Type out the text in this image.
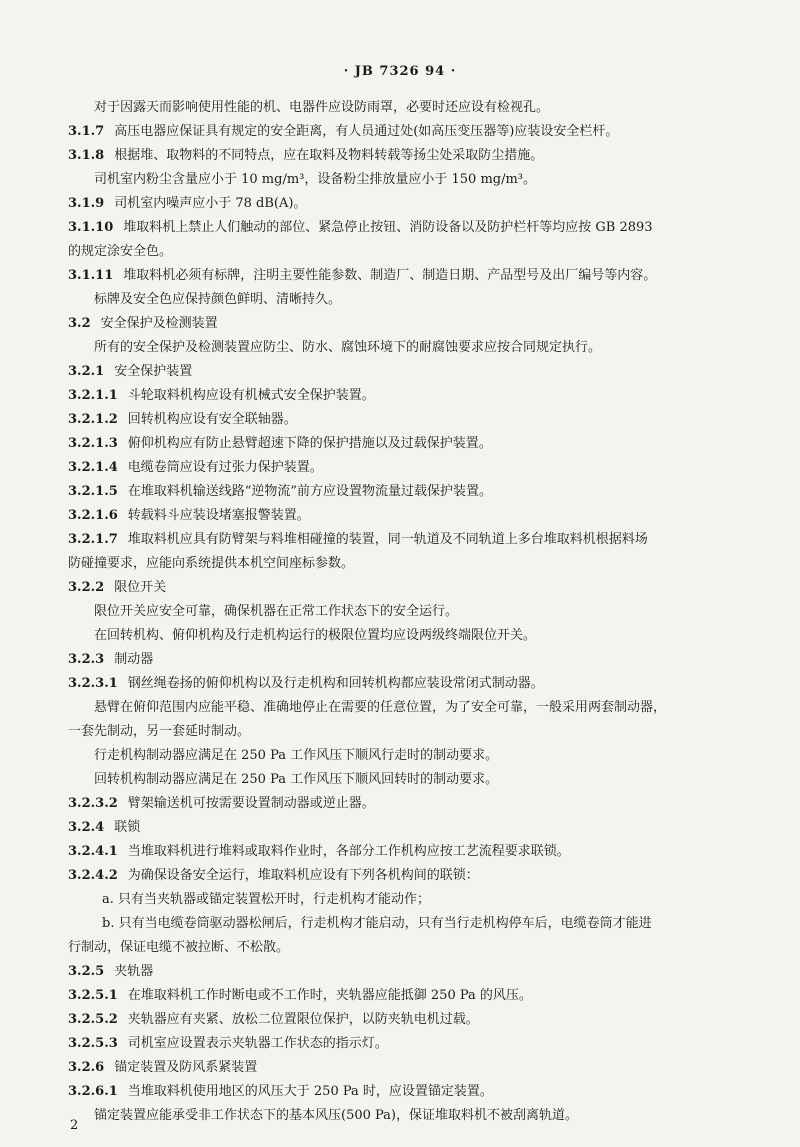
· JB 7326 94 ·
对于因露天而影响使用性能的机、电器件应设防雨罩，必要时还应设有检视孔。
3.1.7 高压电器应保证具有规定的安全距离，有人员通过处(如高压变压器等)应装设安全栏杆。
3.1.8 根据堆、取物料的不同特点，应在取料及物料转载等扬尘处采取防尘措施。
司机室内粉尘含量应小于 10 mg/m³，设备粉尘排放量应小于 150 mg/m³。
3.1.9 司机室内噪声应小于 78 dB(A)。
3.1.10 堆取料机上禁止人们触动的部位、紧急停止按钮、消防设备以及防护栏杆等均应按 GB 2893
的规定涂安全色。
3.1.11 堆取料机必须有标牌，注明主要性能参数、制造厂、制造日期、产品型号及出厂编号等内容。
标牌及安全色应保持颜色鲜明、清晰持久。
3.2 安全保护及检测装置
所有的安全保护及检测装置应防尘、防水、腐蚀环境下的耐腐蚀要求应按合同规定执行。
3.2.1 安全保护装置
3.2.1.1 斗轮取料机构应设有机械式安全保护装置。
3.2.1.2 回转机构应设有安全联轴器。
3.2.1.3 俯仰机构应有防止悬臂超速下降的保护措施以及过载保护装置。
3.2.1.4 电缆卷筒应设有过张力保护装置。
3.2.1.5 在堆取料机输送线路“逆物流”前方应设置物流量过载保护装置。
3.2.1.6 转载料斗应装设堵塞报警装置。
3.2.1.7 堆取料机应具有防臂架与料堆相碰撞的装置，同一轨道及不同轨道上多台堆取料机根据料场
防碰撞要求，应能向系统提供本机空间座标参数。
3.2.2 限位开关
限位开关应安全可靠，确保机器在正常工作状态下的安全运行。
在回转机构、俯仰机构及行走机构运行的极限位置均应设两级终端限位开关。
3.2.3 制动器
3.2.3.1 钢丝绳卷扬的俯仰机构以及行走机构和回转机构都应装设常闭式制动器。
悬臂在俯仰范围内应能平稳、准确地停止在需要的任意位置，为了安全可靠，一般采用两套制动器，
一套先制动，另一套延时制动。
行走机构制动器应满足在 250 Pa 工作风压下顺风行走时的制动要求。
回转机构制动器应满足在 250 Pa 工作风压下顺风回转时的制动要求。
3.2.3.2 臂架输送机可按需要设置制动器或逆止器。
3.2.4 联锁
3.2.4.1 当堆取料机进行堆料或取料作业时，各部分工作机构应按工艺流程要求联锁。
3.2.4.2 为确保设备安全运行，堆取料机应设有下列各机构间的联锁：
a. 只有当夹轨器或锚定装置松开时，行走机构才能动作；
b. 只有当电缆卷筒驱动器松闸后，行走机构才能启动，只有当行走机构停车后，电缆卷筒才能进
行制动，保证电缆不被拉断、不松散。
3.2.5 夹轨器
3.2.5.1 在堆取料机工作时断电或不工作时，夹轨器应能抵御 250 Pa 的风压。
3.2.5.2 夹轨器应有夹紧、放松二位置限位保护，以防夹轨电机过载。
3.2.5.3 司机室应设置表示夹轨器工作状态的指示灯。
3.2.6 锚定装置及防风系紧装置
3.2.6.1 当堆取料机使用地区的风压大于 250 Pa 时，应设置锚定装置。
锚定装置应能承受非工作状态下的基本风压(500 Pa)，保证堆取料机不被刮离轨道。
2
